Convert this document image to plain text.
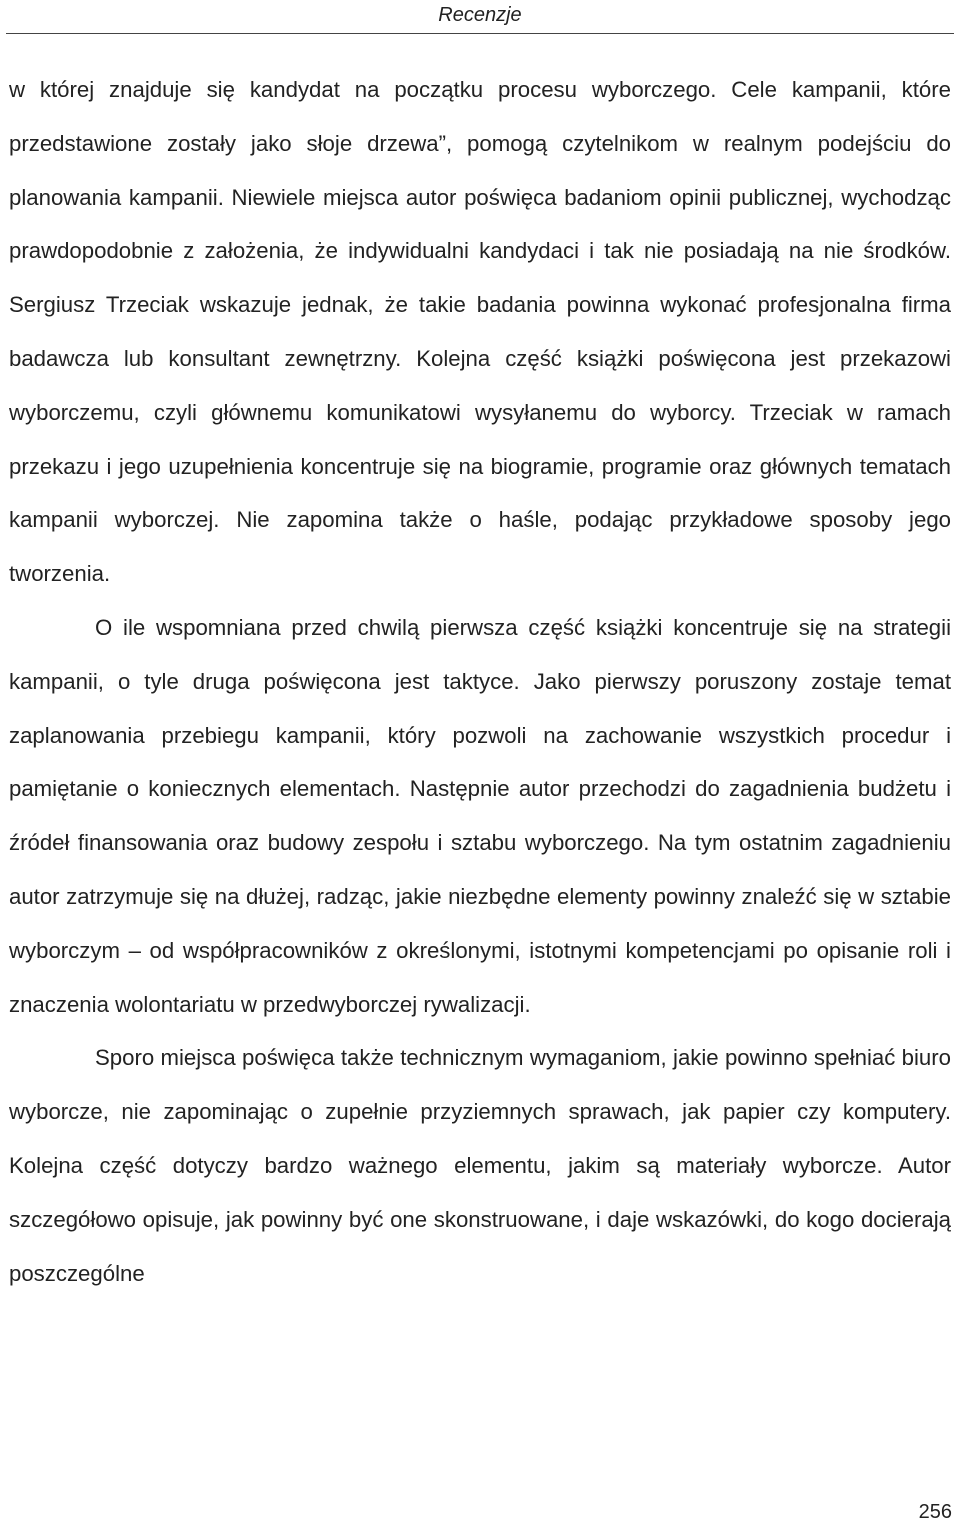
Recenzje

w której znajduje się kandydat na początku procesu wyborczego. Cele kampanii, które przedstawione zostały jako słoje drzewa”, pomogą czytelnikom w realnym podejściu do planowania kampanii. Niewiele miejsca autor poświęca badaniom opinii publicznej, wychodząc prawdopodobnie z założenia, że indywidualni kandydaci i tak nie posiadają na nie środków. Sergiusz Trzeciak wskazuje jednak, że takie badania powinna wykonać profesjonalna firma badawcza lub konsultant zewnętrzny. Kolejna część książki poświęcona jest przekazowi wyborczemu, czyli głównemu komunikatowi wysyłanemu do wyborcy. Trzeciak w ramach przekazu i jego uzupełnienia koncentruje się na biogramie, programie oraz głównych tematach kampanii wyborczej. Nie zapomina także o haśle, podając przykładowe sposoby jego tworzenia.

O ile wspomniana przed chwilą pierwsza część książki koncentruje się na strategii kampanii, o tyle druga poświęcona jest taktyce. Jako pierwszy poruszony zostaje temat zaplanowania przebiegu kampanii, który pozwoli na zachowanie wszystkich procedur i pamiętanie o koniecznych elementach. Następnie autor przechodzi do zagadnienia budżetu i źródeł finansowania oraz budowy zespołu i sztabu wyborczego. Na tym ostatnim zagadnieniu autor zatrzymuje się na dłużej, radząc, jakie niezbędne elementy powinny znaleźć się w sztabie wyborczym – od współpracowników z określonymi, istotnymi kompetencjami po opisanie roli i znaczenia wolontariatu w przedwyborczej rywalizacji.

Sporo miejsca poświęca także technicznym wymaganiom, jakie powinno spełniać biuro wyborcze, nie zapominając o zupełnie przyziemnych sprawach, jak papier czy komputery. Kolejna część dotyczy bardzo ważnego elementu, jakim są materiały wyborcze. Autor szczegółowo opisuje, jak powinny być one skonstruowane, i daje wskazówki, do kogo docierają poszczególne

256
